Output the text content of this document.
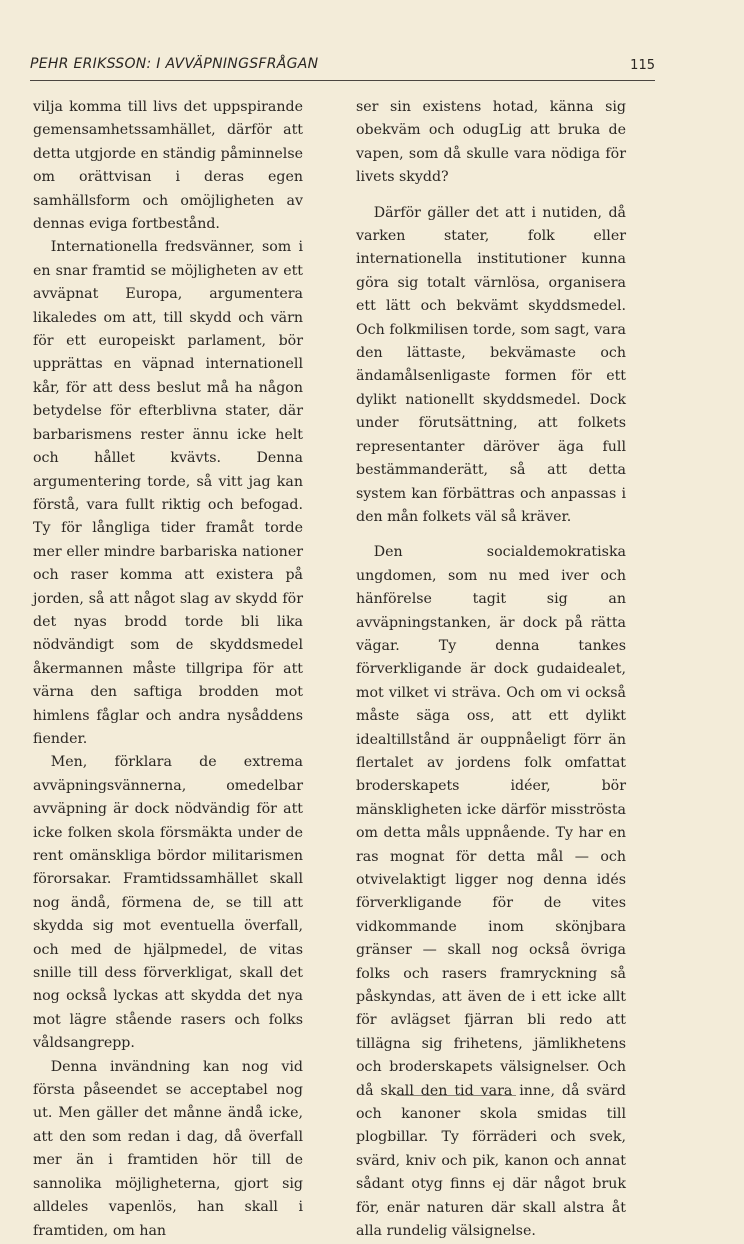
PEHR ERIKSSON: I AVVÄPNINGSFRÅGAN	115

vilja komma till livs det uppspirande gemensamhetssamhället, därför att detta utgjorde en ständig påminnelse om orättvisan i deras egen samhällsform och omöjligheten av dennas eviga fortbestånd.

Internationella fredsvänner, som i en snar framtid se möjligheten av ett avväpnat Europa, argumentera likaledes om att, till skydd och värn för ett europeiskt parlament, bör upprättas en väpnad internationell kår, för att dess beslut må ha någon betydelse för efterblivna stater, där barbarismens rester ännu icke helt och hållet kvävts. Denna argumentering torde, så vitt jag kan förstå, vara fullt riktig och befogad. Ty för långliga tider framåt torde mer eller mindre barbariska nationer och raser komma att existera på jorden, så att något slag av skydd för det nyas brodd torde bli lika nödvändigt som de skyddsmedel åkermannen måste tillgripa för att värna den saftiga brodden mot himlens fåglar och andra nysåddens fiender.

Men, förklara de extrema avväpningsvännerna, omedelbar avväpning är dock nödvändig för att icke folken skola försmäkta under de rent omänskliga bördor militarismen förorsakar. Framtidssamhället skall nog ändå, förmena de, se till att skydda sig mot eventuella överfall, och med de hjälpmedel, de vitas snille till dess förverkligat, skall det nog också lyckas att skydda det nya mot lägre stående rasers och folks våldsangrepp.

Denna invändning kan nog vid första påseendet se acceptabel nog ut. Men gäller det månne ändå icke, att den som redan i dag, då överfall mer än i framtiden hör till de sannolika möjligheterna, gjort sig alldeles vapenlös, han skall i framtiden, om han

ser sin existens hotad, känna sig obekväm och odugLig att bruka de vapen, som då skulle vara nödiga för livets skydd?

Därför gäller det att i nutiden, då varken stater, folk eller internationella institutioner kunna göra sig totalt värnlösa, organisera ett lätt och bekvämt skyddsmedel. Och folkmilisen torde, som sagt, vara den lättaste, bekvämaste och ändamålsenligaste formen för ett dylikt nationellt skyddsmedel. Dock under förutsättning, att folkets representanter däröver äga full bestämmanderätt, så att detta system kan förbättras och anpassas i den mån folkets väl så kräver.

Den socialdemokratiska ungdomen, som nu med iver och hänförelse tagit sig an avväpningstanken, är dock på rätta vägar. Ty denna tankes förverkligande är dock gudaidealet, mot vilket vi sträva. Och om vi också måste säga oss, att ett dylikt idealtillstånd är ouppnåeligt förr än flertalet av jordens folk omfattat broderskapets idéer, bör mänskligheten icke därför misströsta om detta måls uppnående. Ty har en ras mognat för detta mål — och otvivelaktigt ligger nog denna idés förverkligande för de vites vidkommande inom skönjbara gränser — skall nog också övriga folks och rasers framryckning så påskyndas, att även de i ett icke allt för avlägset fjärran bli redo att tillägna sig frihetens, jämlikhetens och broderskapets välsignelser. Och då skall den tid vara inne, då svärd och kanoner skola smidas till plogbillar. Ty förräderi och svek, svärd, kniv och pik, kanon och annat sådant otyg finns ej där något bruk för, enär naturen där skall alstra åt alla rundelig välsignelse.
